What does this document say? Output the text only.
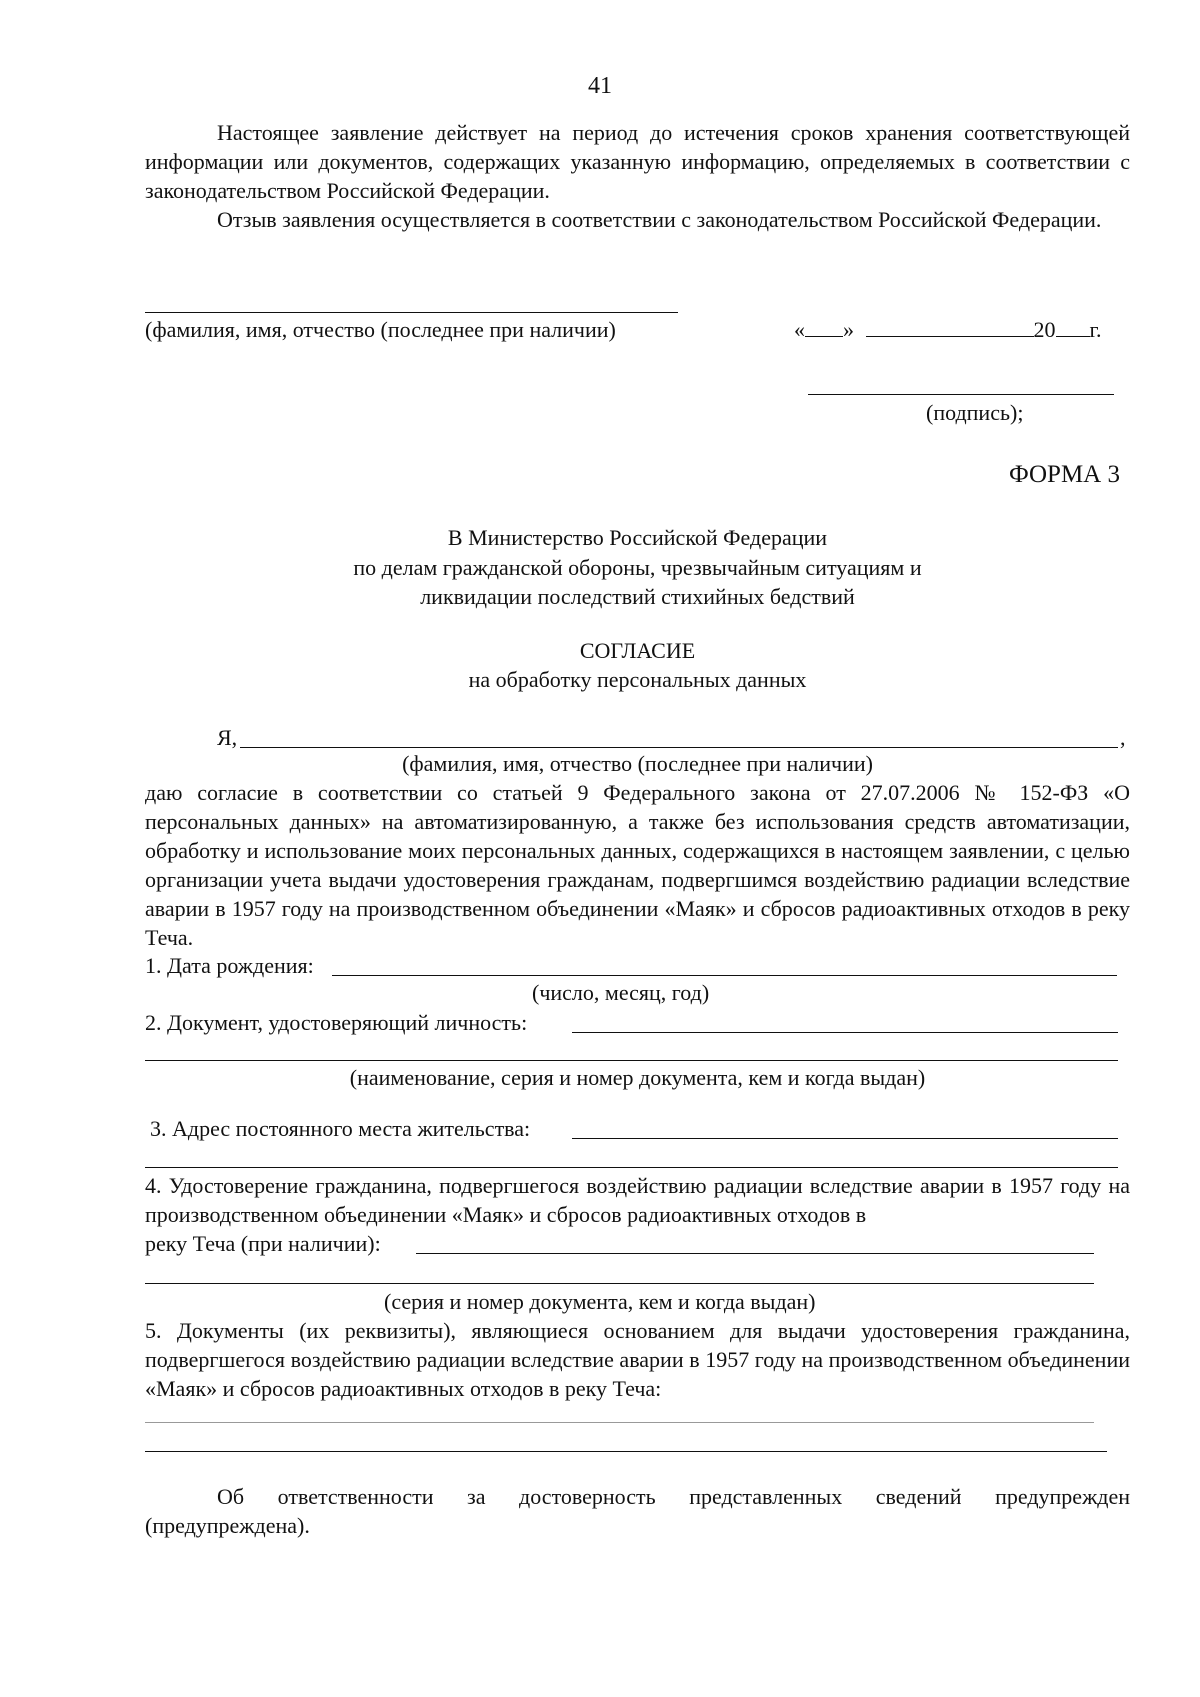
41
Настоящее заявление действует на период до истечения сроков хранения соответствующей информации или документов, содержащих указанную информацию, определяемых в соответствии с законодательством Российской Федерации.
Отзыв заявления осуществляется в соответствии с законодательством Российской Федерации.
(фамилия, имя, отчество (последнее при наличии)	« »	20 г.
(подпись);
ФОРМА 3
В Министерство Российской Федерации
по делам гражданской обороны, чрезвычайным ситуациям и
ликвидации последствий стихийных бедствий
СОГЛАСИЕ
на обработку персональных данных
Я,	,
(фамилия, имя, отчество (последнее при наличии)
даю согласие в соответствии со статьей 9 Федерального закона от 27.07.2006 № 152-ФЗ «О персональных данных» на автоматизированную, а также без использования средств автоматизации, обработку и использование моих персональных данных, содержащихся в настоящем заявлении, с целью организации учета выдачи удостоверения гражданам, подвергшимся воздействию радиации вследствие аварии в 1957 году на производственном объединении «Маяк» и сбросов радиоактивных отходов в реку Теча.
1. Дата рождения:
(число, месяц, год)
2. Документ, удостоверяющий личность:
(наименование, серия и номер документа, кем и когда выдан)
3. Адрес постоянного места жительства:
4. Удостоверение гражданина, подвергшегося воздействию радиации вследствие аварии в 1957 году на производственном объединении «Маяк» и сбросов радиоактивных отходов в
реку Теча (при наличии):
(серия и номер документа, кем и когда выдан)
5. Документы (их реквизиты), являющиеся основанием для выдачи удостоверения гражданина, подвергшегося воздействию радиации вследствие аварии в 1957 году на производственном объединении «Маяк» и сбросов радиоактивных отходов в реку Теча:
Об ответственности за достоверность представленных сведений предупрежден (предупреждена).
